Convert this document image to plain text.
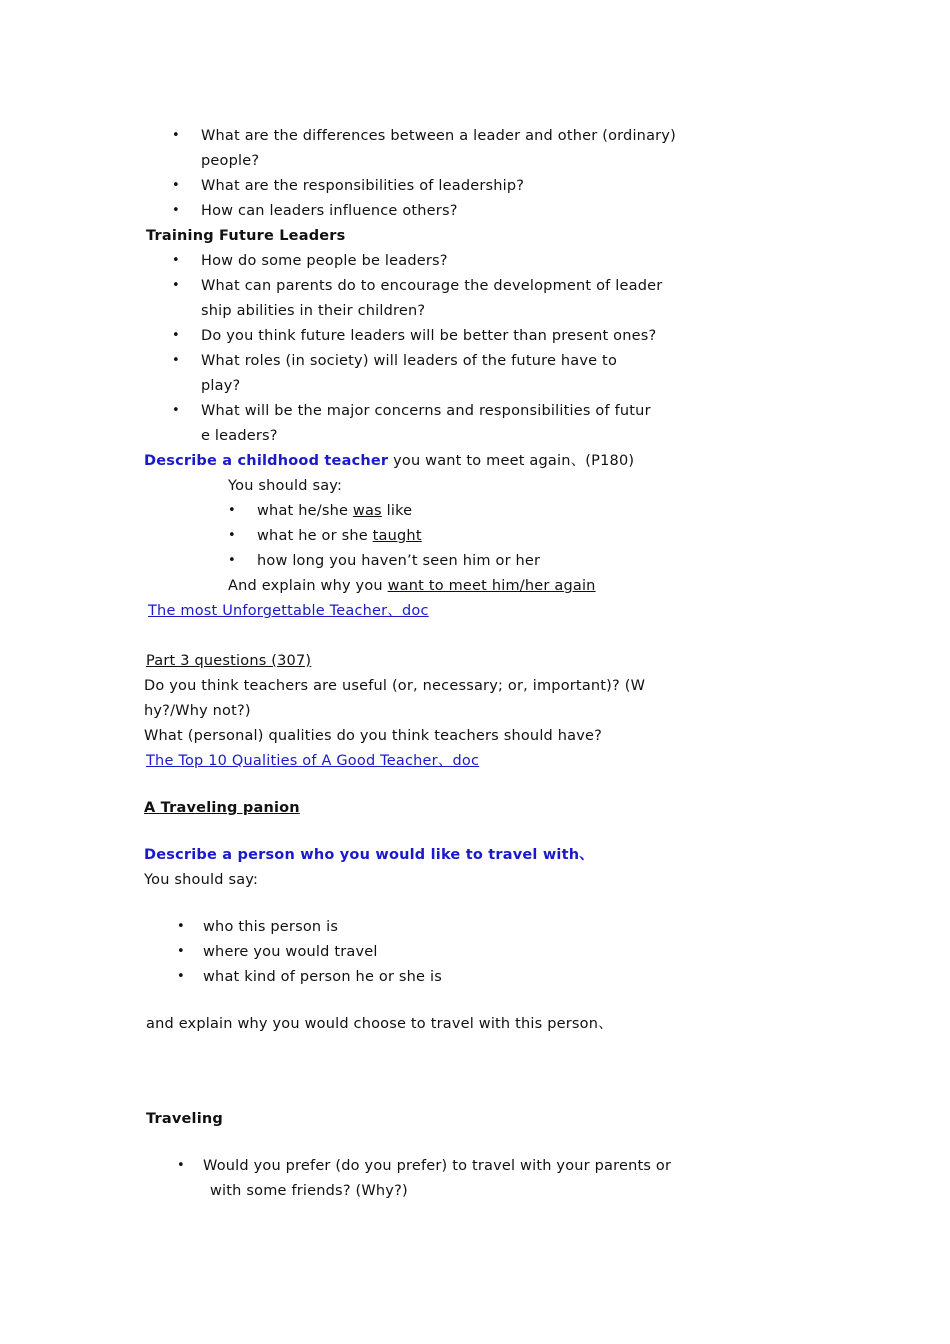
• What are the differences between a leader and other (ordinary)
people?
• What are the responsibilities of leadership?
• How can leaders influence others?
Training Future Leaders
• How do some people be leaders?
• What can parents do to encourage the development of leader
ship abilities in their children?
• Do you think future leaders will be better than present ones?
• What roles (in society) will leaders of the future have to
play?
• What will be the major concerns and responsibilities of futur
e leaders?
Describe a childhood teacher you want to meet again、(P180)
You should say:
• what he/she was like
• what he or she taught
• how long you haven’t seen him or her
And explain why you want to meet him/her again
The most Unforgettable Teacher、doc
Part 3 questions (307)
Do you think teachers are useful (or, necessary; or, important)? (W
hy?/Why not?)
What (personal) qualities do you think teachers should have?
The Top 10 Qualities of A Good Teacher、doc
A Traveling panion
Describe a person who you would like to travel with、
You should say:
• who this person is
• where you would travel
• what kind of person he or she is
and explain why you would choose to travel with this person、
Traveling
• Would you prefer (do you prefer) to travel with your parents or
with some friends? (Why?)
